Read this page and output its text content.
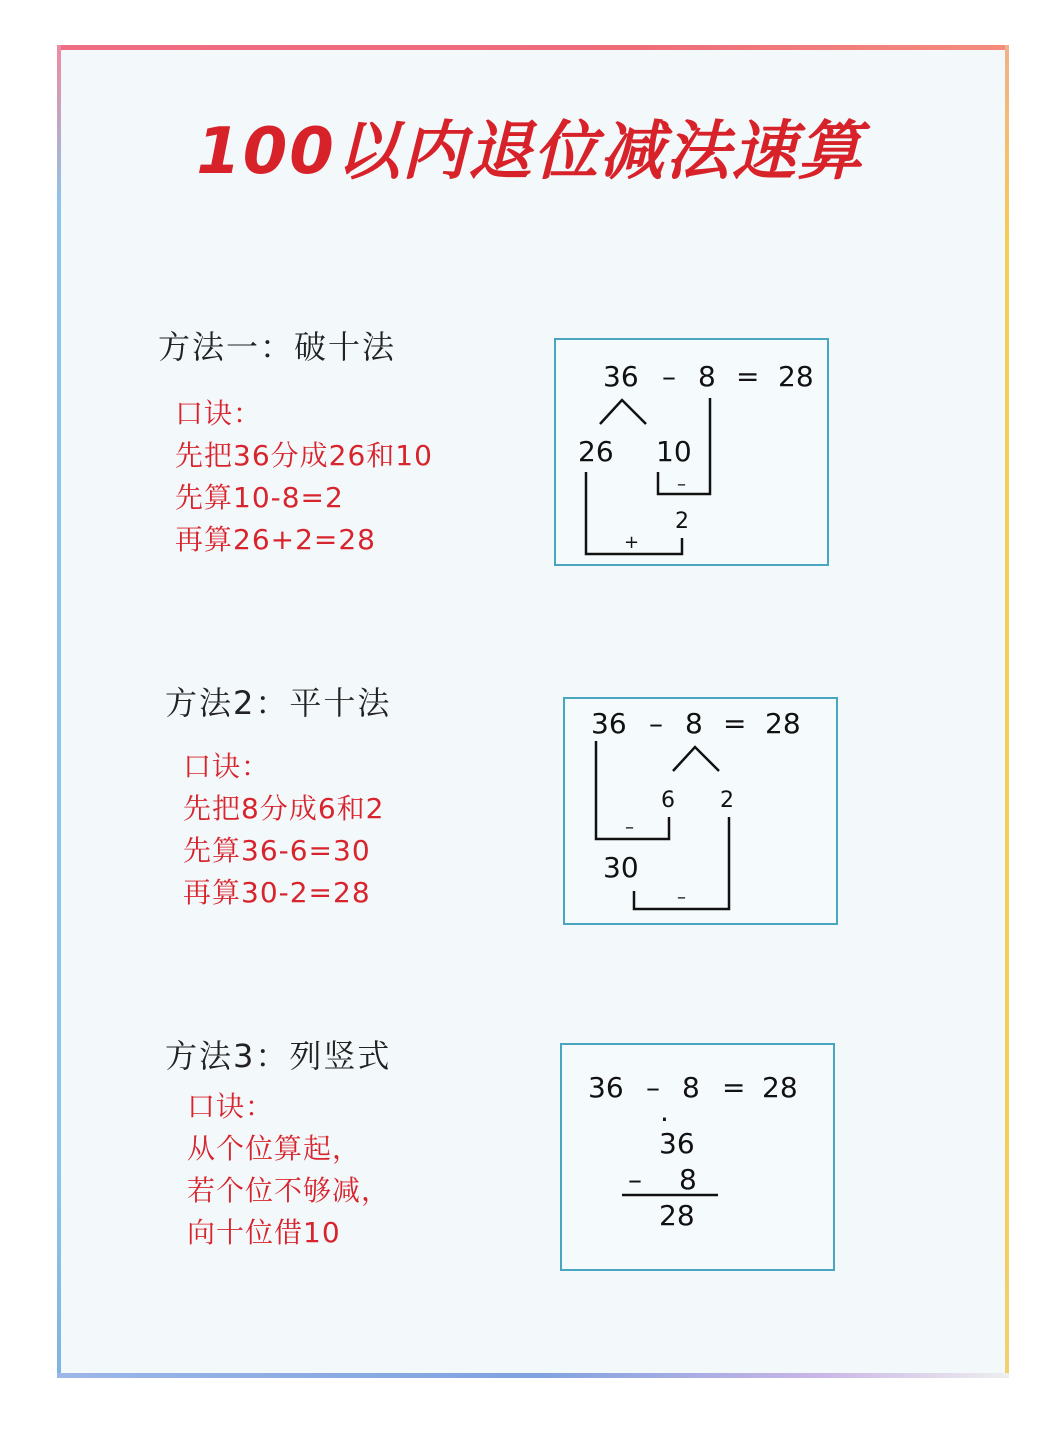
100以内退位减法速算
方法一：破十法
口诀：
先把36分成26和10
先算10-8=2
再算26+2=28
36 – 8 = 28
26 10
–
2
+
方法2：平十法
口诀：
先把8分成6和2
先算36-6=30
再算30-2=28
36 – 8 = 28
6 2
–
30
–
方法3：列竖式
口诀：
从个位算起，
若个位不够减，
向十位借10
36 – 8 = 28
·
36
– 8
28
